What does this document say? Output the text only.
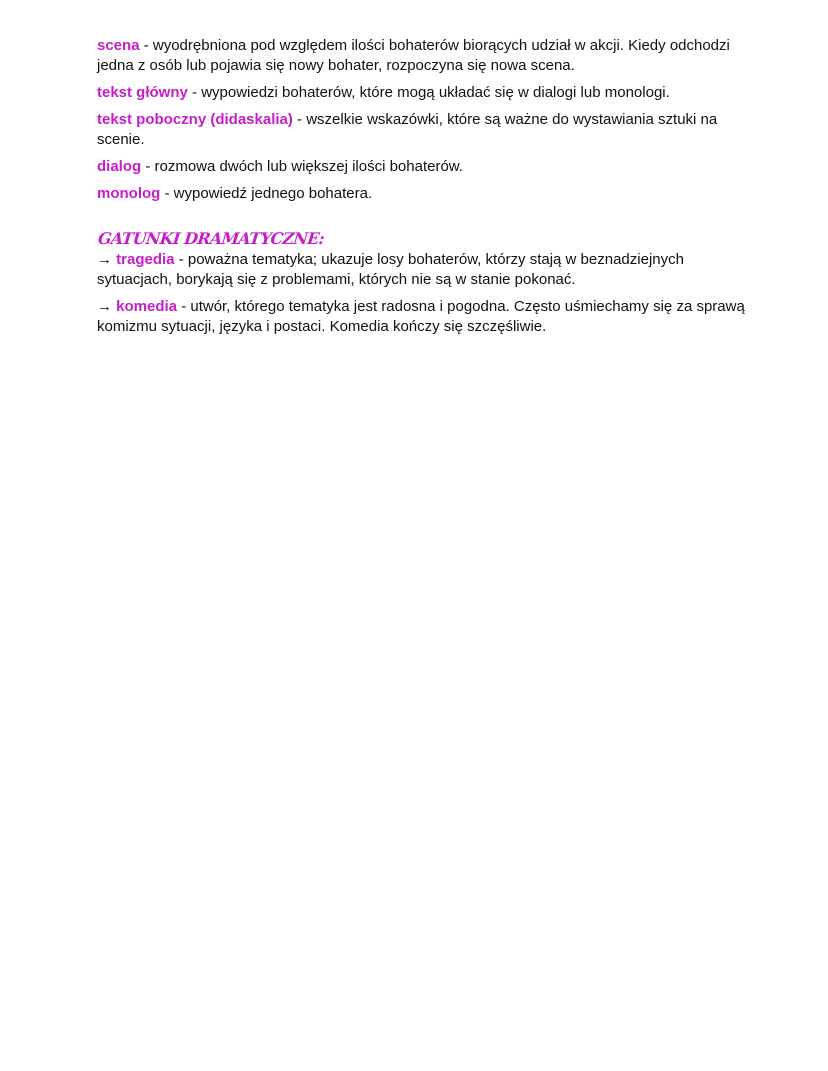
scena - wyodrębniona pod względem ilości bohaterów biorących udział w akcji. Kiedy odchodzi jedna z osób lub pojawia się nowy bohater, rozpoczyna się nowa scena.

tekst główny - wypowiedzi bohaterów, które mogą układać się w dialogi lub monologi.

tekst poboczny (didaskalia) - wszelkie wskazówki, które są ważne do wystawiania sztuki na scenie.

dialog - rozmowa dwóch lub większej ilości bohaterów.

monolog - wypowiedź jednego bohatera.

GATUNKI DRAMATYCZNE:

→ tragedia - poważna tematyka; ukazuje losy bohaterów, którzy stają w beznadziejnych sytuacjach, borykają się z problemami, których nie są w stanie pokonać.

→ komedia - utwór, którego tematyka jest radosna i pogodna. Często uśmiechamy się za sprawą komizmu sytuacji, języka i postaci. Komedia kończy się szczęśliwie.
